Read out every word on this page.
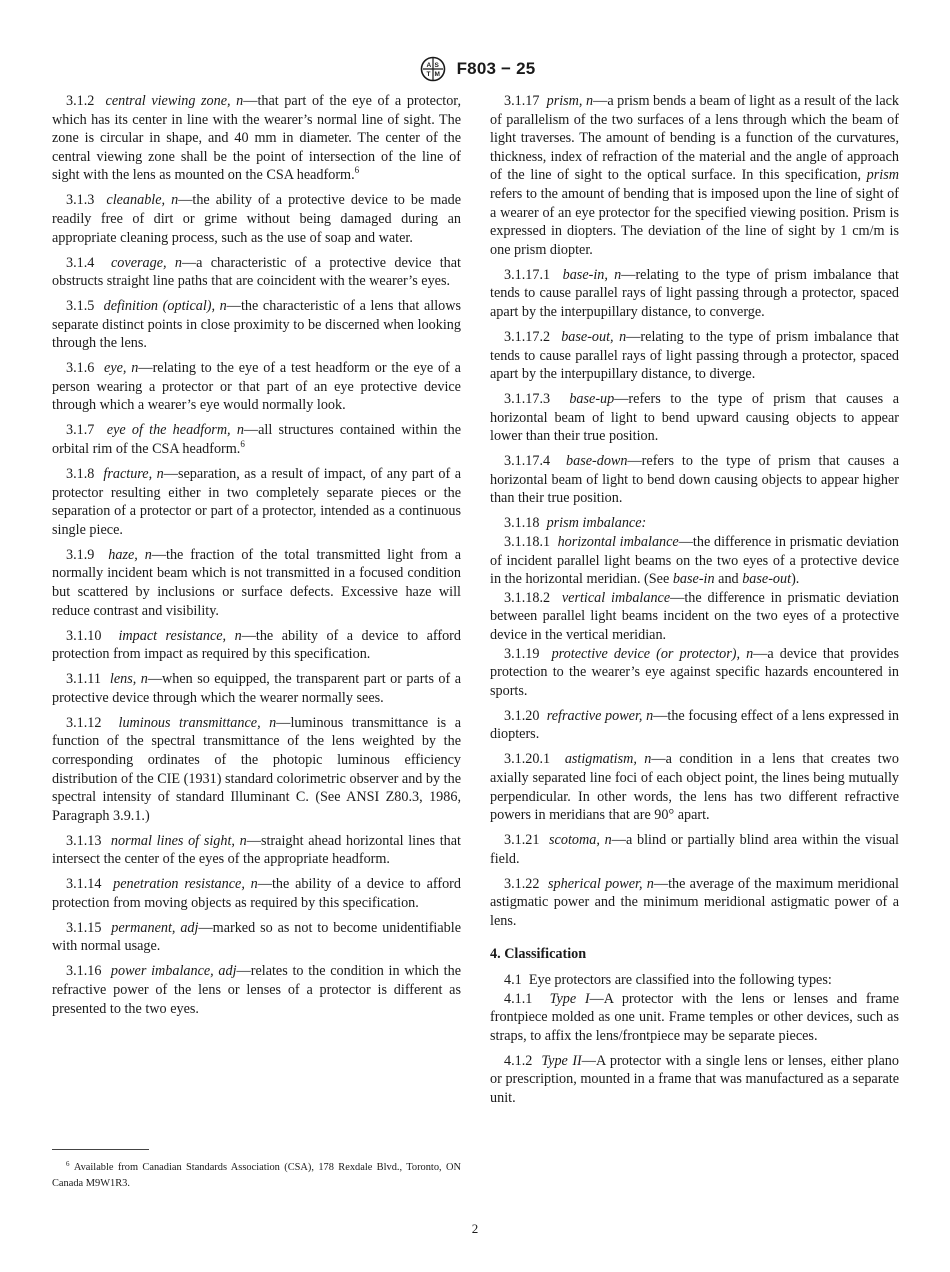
A S
T M F803 − 25

3.1.2 central viewing zone, n—that part of the eye of a protector, which has its center in line with the wearer’s normal line of sight. The zone is circular in shape, and 40 mm in diameter. The center of the central viewing zone shall be the point of intersection of the line of sight with the lens as mounted on the CSA headform.$^6$

3.1.3 cleanable, n—the ability of a protective device to be made readily free of dirt or grime without being damaged during an appropriate cleaning process, such as the use of soap and water.

3.1.4 coverage, n—a characteristic of a protective device that obstructs straight line paths that are coincident with the wearer’s eyes.

3.1.5 definition (optical), n—the characteristic of a lens that allows separate distinct points in close proximity to be discerned when looking through the lens.

3.1.6 eye, n—relating to the eye of a test headform or the eye of a person wearing a protector or that part of an eye protective device through which a wearer’s eye would normally look.

3.1.7 eye of the headform, n—all structures contained within the orbital rim of the CSA headform.$^6$

3.1.8 fracture, n—separation, as a result of impact, of any part of a protector resulting either in two completely separate pieces or the separation of a protector or part of a protector, intended as a continuous single piece.

3.1.9 haze, n—the fraction of the total transmitted light from a normally incident beam which is not transmitted in a focused condition but scattered by inclusions or surface defects. Excessive haze will reduce contrast and visibility.

3.1.10 impact resistance, n—the ability of a device to afford protection from impact as required by this specification.

3.1.11 lens, n—when so equipped, the transparent part or parts of a protective device through which the wearer normally sees.

3.1.12 luminous transmittance, n—luminous transmittance is a function of the spectral transmittance of the lens weighted by the corresponding ordinates of the photopic luminous efficiency distribution of the CIE (1931) standard colorimetric observer and by the spectral intensity of standard Illuminant C. (See ANSI Z80.3, 1986, Paragraph 3.9.1.)

3.1.13 normal lines of sight, n—straight ahead horizontal lines that intersect the center of the eyes of the appropriate headform.

3.1.14 penetration resistance, n—the ability of a device to afford protection from moving objects as required by this specification.

3.1.15 permanent, adj—marked so as not to become unidentifiable with normal usage.

3.1.16 power imbalance, adj—relates to the condition in which the refractive power of the lens or lenses of a protector is different as presented to the two eyes.

3.1.17 prism, n—a prism bends a beam of light as a result of the lack of parallelism of the two surfaces of a lens through which the beam of light traverses. The amount of bending is a function of the curvatures, thickness, index of refraction of the material and the angle of approach of the line of sight to the optical surface. In this specification, prism refers to the amount of bending that is imposed upon the line of sight of a wearer of an eye protector for the specified viewing position. Prism is expressed in diopters. The deviation of the line of sight by 1 cm/m is one prism diopter.

3.1.17.1 base-in, n—relating to the type of prism imbalance that tends to cause parallel rays of light passing through a protector, spaced apart by the interpupillary distance, to converge.

3.1.17.2 base-out, n—relating to the type of prism imbalance that tends to cause parallel rays of light passing through a protector, spaced apart by the interpupillary distance, to diverge.

3.1.17.3 base-up—refers to the type of prism that causes a horizontal beam of light to bend upward causing objects to appear lower than their true position.

3.1.17.4 base-down—refers to the type of prism that causes a horizontal beam of light to bend down causing objects to appear higher than their true position.

3.1.18 prism imbalance:

3.1.18.1 horizontal imbalance—the difference in prismatic deviation of incident parallel light beams on the two eyes of a protective device in the horizontal meridian. (See base-in and base-out).

3.1.18.2 vertical imbalance—the difference in prismatic deviation between parallel light beams incident on the two eyes of a protective device in the vertical meridian.

3.1.19 protective device (or protector), n—a device that provides protection to the wearer’s eye against specific hazards encountered in sports.

3.1.20 refractive power, n—the focusing effect of a lens expressed in diopters.

3.1.20.1 astigmatism, n—a condition in a lens that creates two axially separated line foci of each object point, the lines being mutually perpendicular. In other words, the lens has two different refractive powers in meridians that are 90° apart.

3.1.21 scotoma, n—a blind or partially blind area within the visual field.

3.1.22 spherical power, n—the average of the maximum meridional astigmatic power and the minimum meridional astigmatic power of a lens.

4. Classification

4.1 Eye protectors are classified into the following types:

4.1.1 Type I—A protector with the lens or lenses and frame frontpiece molded as one unit. Frame temples or other devices, such as straps, to affix the lens/frontpiece may be separate pieces.

4.1.2 Type II—A protector with a single lens or lenses, either plano or prescription, mounted in a frame that was manufactured as a separate unit.

$^6$ Available from Canadian Standards Association (CSA), 178 Rexdale Blvd., Toronto, ON Canada M9W1R3.
2
